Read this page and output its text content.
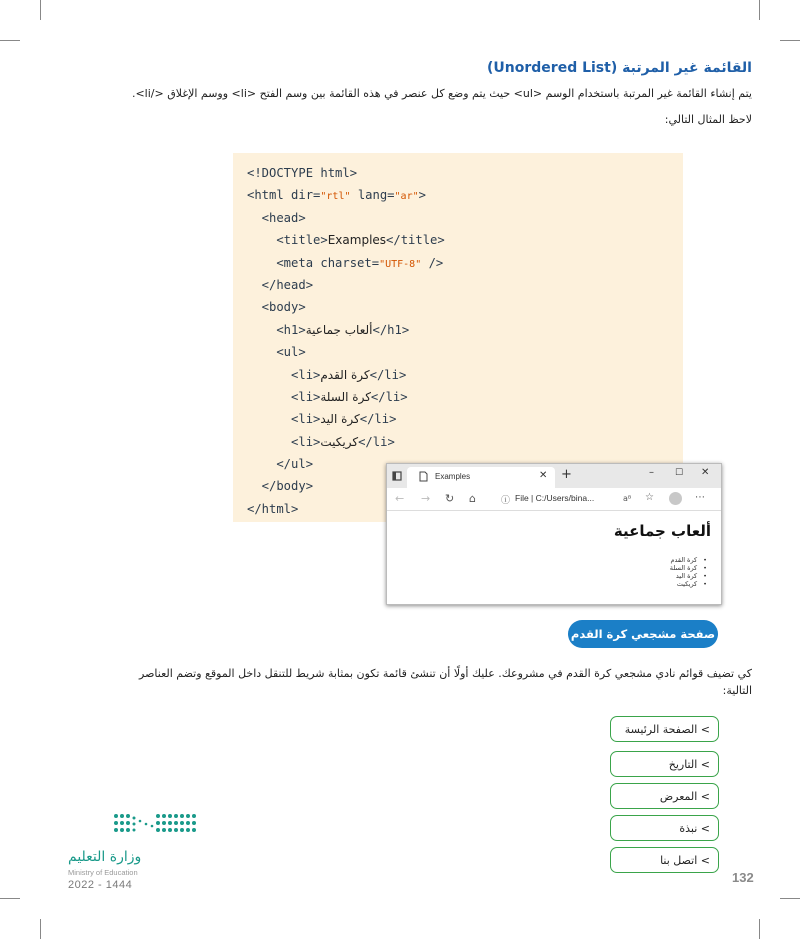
القائمة غير المرتبة (Unordered List)
يتم إنشاء القائمة غير المرتبة باستخدام الوسم <ul> حيث يتم وضع كل عنصر في هذه القائمة بين وسم الفتح <li> ووسم الإغلاق </li>.
لاحظ المثال التالي:
<!DOCTYPE html>
<html dir="rtl" lang="ar">
<head>
<title>Examples</title>
<meta charset="UTF-8" />
</head>
<body>
<h1>ألعاب جماعية</h1>
<ul>
<li>كرة القدم</li>
<li>كرة السلة</li>
<li>كرة اليد</li>
<li>كريكيت</li>
</ul>
</body>
</html>
Examples	✕ +	– ☐ ✕
← → ↻ ⌂	ⓘ File | C:/Users/bina...	aᴮ ☆	⋯
ألعاب جماعية
• كرة القدم
• كرة السلة
• كرة اليد
• كريكيت
صفحة مشجعي كرة القدم
كي تضيف قوائم نادي مشجعي كرة القدم في مشروعك. عليك أولًا أن تنشئ قائمة تكون بمثابة شريط للتنقل داخل الموقع وتضم العناصر
التالية:
> الصفحة الرئيسة
> التاريخ
> المعرض
> نبذة
> اتصل بنا
132
وزارة التعليم
Ministry of Education
2022 - 1444
